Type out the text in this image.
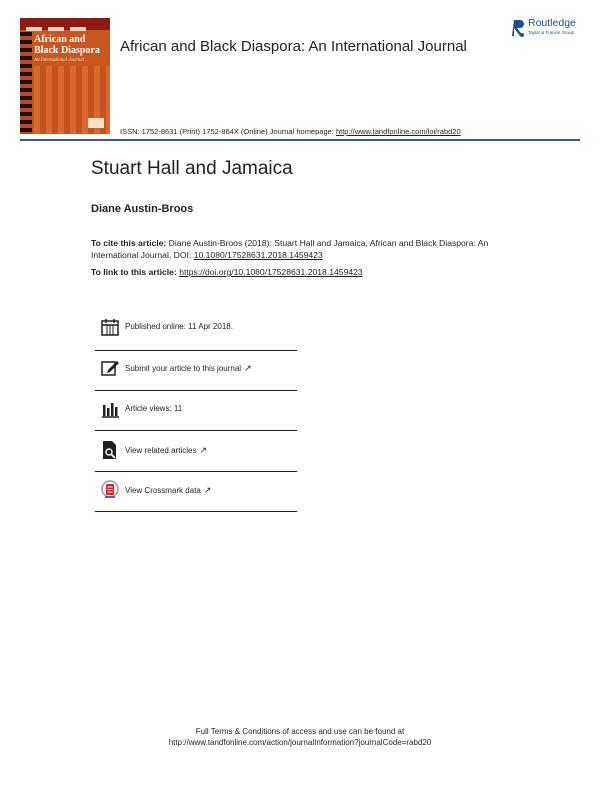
African and Black Diaspora
An International Journal
African and Black Diaspora: An International Journal
ISSN: 1752-8631 (Print) 1752-864X (Online) Journal homepage: http://www.tandfonline.com/loi/rabd20
Routledge
Taylor & Francis Group
Stuart Hall and Jamaica
Diane Austin-Broos
To cite this article: Diane Austin-Broos (2018): Stuart Hall and Jamaica, African and Black Diaspora: An International Journal, DOI: 10.1080/17528631.2018.1459423
To link to this article: https://doi.org/10.1080/17528631.2018.1459423
Published online: 11 Apr 2018.
Submit your article to this journal ↗
Article views: 11
View related articles ↗
View Crossmark data ↗
Full Terms & Conditions of access and use can be found at
http://www.tandfonline.com/action/journalInformation?journalCode=rabd20
